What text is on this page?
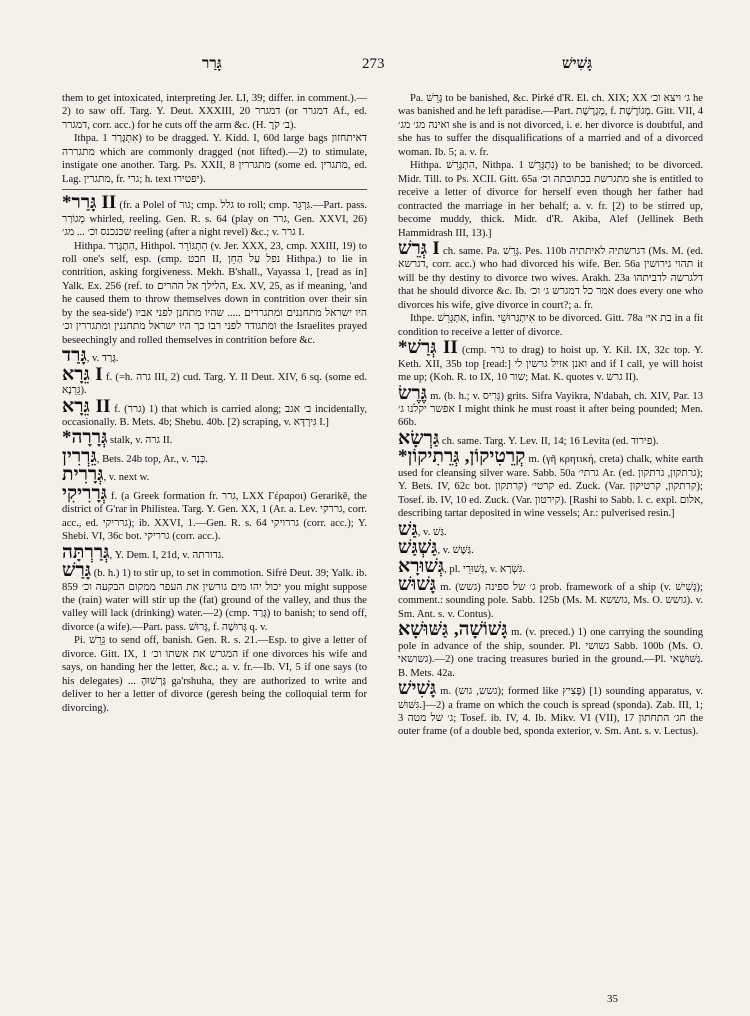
גָּרַר	273	גָּשִׁישׁ

them to get intoxicated, interpreting Jer. LI, 39; differ. in comment.).—2) to saw off. Targ. Y. Deut. XXXIII, 20 דמגרר (or דמגרר Af., ed. דמגרר, corr. acc.) for he cuts off the arm &c. (H. ב׳ קֹרֶ).
Ithpa. אִתְגָּרַר 1) to be dragged. Y. Kidd. I, 60d large bags דאיתחזון מתגררה which are commonly dragged (not lifted).—2) to stimulate, instigate one another. Targ. Ps. XXII, 8 מתגררין (some ed. מתגרין, ed. Lag. מתגרין, fr. גרי; h. text יפטירו).

*גָּרַר II (fr. a Polel of גור; cmp. גלל to roll; cmp. גִּרְגֵּר.—Part. pass. מְגוֹרַר whirled, reeling. Gen. R. s. 64 (play on גרר, Gen. XXVI, 26) שכנכנס וכ׳ ... מג׳ reeling (after a night revel) &c.; v. גרר I.
Hithpa. הִתְגָּרַר, Hithpol. הִתְגּוֹרֵר (v. Jer. XXX, 23, cmp. XXIII, 19) to roll one's self, esp. (cmp. חבט II, נפל עַל הַחֵן Hithpa.) to lie in contrition, asking forgiveness. Mekh. B'shall., Vayassa 1, [read as in] Yalk. Ex. 256 (ref. to הלילך אל ההרים, Ex. XV, 25, as if meaning, 'and he caused them to throw themselves down in contrition over their sin by the sea-side') היו ישראל מתחננים ומתגררים ..... שהיו מתחנן לפני אביו ומתגודד לפני רבו כך היו ישראל מתחננין ומתגררין וכ׳ the Israelites prayed beseechingly and rolled themselves in contrition before &c.

גָּרַד, v. גָּרַד.

גֵּרָא I f. (=h. גרה III, 2) cud. Targ. Y. II Deut. XIV, 6 sq. (some ed. גֵּרְנָא).

גֵּרָא II f. (גרר) 1) that which is carried along; ב׳ אגב incidentally, occasionally. B. Mets. 4b; Shebu. 40b. [2) scraping, v. גִּירְדָּא I.]

*גְּרָרָה stalk, v. גרה II.

גֵּרְרִין, Bets. 24b top, Ar., v. כְּנַר.

גְּרָרִית, v. next w.

גְּרָרִיקִי f. (a Greek formation fr. גרר, LXX Γέραροι) Gerarikē, the district of G'rar in Philistea. Targ. Y. Gen. XX, 1 (Ar. a. Lev. גררקי, corr. acc., ed. גרריקי); ib. XXVI, 1.—Gen. R. s. 64 גררויקי (corr. acc.); Y. Shebi. VI, 36c bot. גרריקי (corr. acc.).

גְּרַרְתָּה, Y. Dem. I, 21d, v. גדורתה.

גָּרַשׁ (b. h.) 1) to stir up, to set in commotion. Sifré Deut. 39; Yalk. ib. 859 יכול יהו מים גורשין את העפר ממקום הבקעה וכ׳ you might suppose the (rain) water will stir up the (fat) ground of the valley, and thus the valley will lack (drinking) water.—2) (cmp. גָּרַד) to banish; to send off, divorce (a wife).—Part. pass. גָּרוּשׁ, f. גְּרוּשָׁה q. v.
Pi. גֵּרֵשׁ to send off, banish. Gen. R. s. 21.—Esp. to give a letter of divorce. Gitt. IX, 1 המגרש את אשתו וכ׳ if one divorces his wife and says, on handing her the letter, &c.; a. v. fr.—Ib. VI, 5 if one says (to his delegates) ... גָּרְשׁוּהָ ga'rshuha, they are authorized to write and deliver to her a letter of divorce (geresh being the colloquial term for divorcing).

Pa. גָּרֵשׁ to be banished, &c. Pirké d'R. El. ch. XIX; XX ג׳ ויצא וכ׳ he was banished and he left paradise.—Part. מְגָרֶשֶׁת, f. מְגוֹרֶשֶׁת. Gitt. VII, 4 ואינה מג׳ מג׳ she is and is not divorced, i. e. her divorce is doubtful, and she has to suffer the disqualifications of a married and of a divorced woman. Ib. 5; a. v. fr.
Hithpa. הִתְגָּרֵשׁ, Nithpa. נִתְגָּרֵשׁ 1) to be banished; to be divorced. Midr. Till. to Ps. XCII. Gitt. 65a מתגרשת בכתובתה וכ׳ she is entitled to receive a letter of divorce for herself even though her father had contracted the marriage in her behalf; a. v. fr. [2) to be stirred up, become muddy, thick. Midr. d'R. Akiba, Alef (Jellinek Beth Hammidrash III, 13).]

גְּרֵשׁ I ch. same. Pa. גָּרֵשׁ. Pes. 110b דגרשתיה לאיתתיה (Ms. M. (ed. דגרשא, corr. acc.) who had divorced his wife. Ber. 56a תהוי גירושין it will be thy destiny to divorce two wives. Arakh. 23a דלגרשה לדביתהו that he should divorce &c. Ib. אמר כל דמגרש ג׳ וכ׳ does every one who divorces his wife, give divorce in court?; a. fr.
Ithpe. אִתְגְּרֵשׁ, infin. אִיתְגַּרוּשֵׁי to be divorced. Gitt. 78a בת אי׳ in a fit condition to receive a letter of divorce.

*גְּרַשׁ II (cmp. גרר to drag) to hoist up. Y. Kil. IX, 32c top. Y. Keth. XII, 35b top [read:] ואנן אזיל גרשין לי and if I call, ye will hoist me up; (Koh. R. to IX, 10 שור; Mat. K. quotes v. גרש II).

גֶּרֶשׂ m. (b. h.; v. גְּרִיס) grits. Sifra Vayikra, N'dabah, ch. XIV, Par. 13 אפשר יקלנו ג׳ I might think he must roast it after being pounded; Men. 66b.

גַּרְשָׂא ch. same. Targ. Y. Lev. II, 14; 16 Levita (ed. פירוד).

*קְרֵטִיקוֹן, גְּרֵתִיקוֹן m. (γῆ κρητική, creta) chalk, white earth used for cleansing silver ware. Sabb. 50a גרתי׳ Ar. (ed. גרתקון, גרתקון); Y. Bets. IV, 62c bot. קרטי׳ (קרתקון ed. Zuck. (Var. קרתקון, קרטיקון); Tosef. ib. IV, 10 ed. Zuck. (Var. קירטון). [Rashi to Sabb. l. c. expl. אלום, describing tartar deposited in wine vessels; Ar.: pulverised resin.]

גַּשׁ, v. גַּשׁ.

גַּשְׁגַּשׁ, v. גַּשָּׁשׁ.

גְּשׁוּרָא, pl. גְּשׁוּרֵי, v. גִּשְׁרָא.

גָּשׁוּשׁ m. (גשש) ג׳ של ספינה prob. framework of a ship (v. גָּשִׁישׁ); comment.: sounding pole. Sabb. 125b (Ms. M. גוששא, Ms. O. גושש). v. Sm. Ant. s. v. Contus).

גָּשׁוֹשָׁה, גַּשּׁוּשָׁא m. (v. preced.) 1) one carrying the sounding pole in advance of the ship, sounder. Pl. גשושי Sabb. 100b (Ms. O. גשושאי).—2) one tracing treasures buried in the ground.—Pl. גַּשּׁוּשַׁאי. B. Mets. 42a.

גָּשִׁישׁ m. (גשש, גוש); formed like פָּצִיץ) [1) sounding apparatus, v. גִּשּׁוּשׁ.]—2) a frame on which the couch is spread (sponda). Zab. III, 1; 3 ג׳ של מטה; Tosef. ib. IV, 4. Ib. Mikv. VI (VII), 17 חג׳ התחתון the outer frame (of a double bed, sponda exterior, v. Sm. Ant. s. v. Lectus).

35
